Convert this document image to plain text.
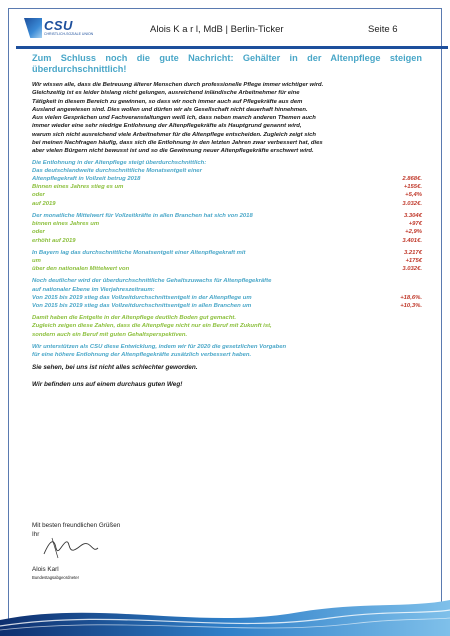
CSU
CHRISTLICH-SOZIALE UNION	Alois K a r l, MdB | Berlin-Ticker	Seite 6
Zum Schluss noch die gute Nachricht: Gehälter in der Altenpflege steigen überdurchschnittlich!
Wir wissen alle, dass die Betreuung älterer Menschen durch professionelle Pflege immer wichtiger wird.
Gleichzeitig ist es leider bislang nicht gelungen, ausreichend inländische Arbeitnehmer für eine
Tätigkeit in diesem Bereich zu gewinnen, so dass wir noch immer auch auf Pflegekräfte aus dem
Ausland angewiesen sind. Dies wollen und dürfen wir als Gesellschaft nicht dauerhaft hinnehmen.
Aus vielen Gesprächen und Fachveranstaltungen weiß ich, dass neben manch anderen Themen auch
immer wieder eine sehr niedrige Entlohnung der Altenpflegekräfte als Hauptgrund genannt wird,
warum sich nicht ausreichend viele Arbeitnehmer für die Altenpflege entscheiden. Zugleich zeigt sich
bei meinen Nachfragen häufig, dass sich die Entlohnung in den letzten Jahren zwar verbessert hat, dies
aber vielen Bürgern nicht bewusst ist und so die Gewinnung neuer Altenpflegekräfte erschwert wird.
Die Entlohnung in der Altenpflege steigt überdurchschnittlich:
Das deutschlandweite durchschnittliche Monatsentgelt einer
Altenpflegekraft in Vollzeit betrug 2018	2.868€.
Binnen eines Jahres stieg es um	+155€.
oder	+5,4%
auf 2019	3.032€.
Der monatliche Mittelwert für Vollzeitkräfte in allen Branchen hat sich von 2018	3.304€
binnen eines Jahres um	+97€
oder	+2,9%
erhöht auf 2019	3.401€.
In Bayern lag das durchschnittliche Monatsentgelt einer Altenpflegekraft mit	3.217€
um	+175€
über den nationalen Mittelwert von	3.032€.
Noch deutlicher wird der überdurchschnittliche Gehaltszuwachs für Altenpflegekräfte
auf nationaler Ebene im Vierjahreszeitraum:
Von 2015 bis 2019 stieg das Vollzeitdurchschnittsentgelt in der Altenpflege um	+18,6%.
Von 2015 bis 2019 stieg das Vollzeitdurchschnittsentgelt in allen Branchen um	+10,3%.
Damit haben die Entgelte in der Altenpflege deutlich Boden gut gemacht.
Zugleich zeigen diese Zahlen, dass die Altenpflege nicht nur ein Beruf mit Zukunft ist,
sondern auch ein Beruf mit guten Gehaltsperspektiven.
Wir unterstützen als CSU diese Entwicklung, indem wir für 2020 die gesetzlichen Vorgaben
für eine höhere Entlohnung der Altenpflegekräfte zusätzlich verbessert haben.
Sie sehen, bei uns ist nicht alles schlechter geworden.
Wir befinden uns auf einem durchaus guten Weg!
Mit besten freundlichen Grüßen
Ihr
Alois Karl
Bundestagsabgeordneter
